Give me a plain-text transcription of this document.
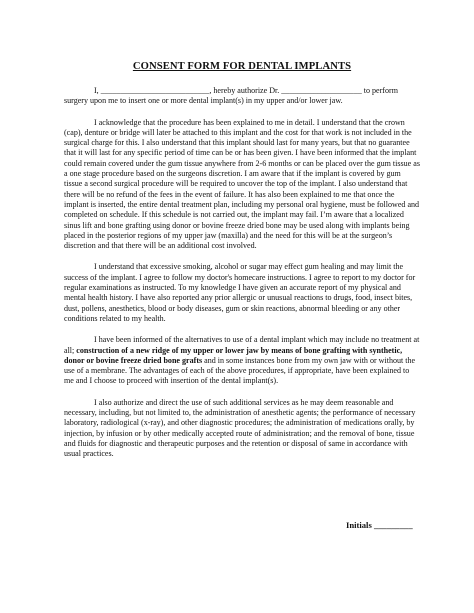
CONSENT FORM FOR DENTAL IMPLANTS

I, ___________________________, hereby authorize Dr. ____________________ to perform surgery upon me to insert one or more dental implant(s) in my upper and/or lower jaw.

I acknowledge that the procedure has been explained to me in detail. I understand that the crown (cap), denture or bridge will later be attached to this implant and the cost for that work is not included in the surgical charge for this. I also understand that this implant should last for many years, but that no guarantee that it will last for any specific period of time can be or has been given. I have been informed that the implant could remain covered under the gum tissue anywhere from 2-6 months or can be placed over the gum tissue as a one stage procedure based on the surgeons discretion. I am aware that if the implant is covered by gum tissue a second surgical procedure will be required to uncover the top of the implant. I also understand that there will be no refund of the fees in the event of failure. It has also been explained to me that once the implant is inserted, the entire dental treatment plan, including my personal oral hygiene, must be followed and completed on schedule. If this schedule is not carried out, the implant may fail. I’m aware that a localized sinus lift and bone grafting using donor or bovine freeze dried bone may be used along with implants being placed in the posterior regions of my upper jaw (maxilla) and the need for this will be at the surgeon’s discretion and that there will be an additional cost involved.

I understand that excessive smoking, alcohol or sugar may effect gum healing and may limit the success of the implant. I agree to follow my doctor's homecare instructions. I agree to report to my doctor for regular examinations as instructed. To my knowledge I have given an accurate report of my physical and mental health history. I have also reported any prior allergic or unusual reactions to drugs, food, insect bites, dust, pollens, anesthetics, blood or body diseases, gum or skin reactions, abnormal bleeding or any other conditions related to my health.

I have been informed of the alternatives to use of a dental implant which may include no treatment at all; construction of a new ridge of my upper or lower jaw by means of bone grafting with synthetic, donor or bovine freeze dried bone grafts and in some instances bone from my own jaw with or without the use of a membrane. The advantages of each of the above procedures, if appropriate, have been explained to me and I choose to proceed with insertion of the dental implant(s).

I also authorize and direct the use of such additional services as he may deem reasonable and necessary, including, but not limited to, the administration of anesthetic agents; the performance of necessary laboratory, radiological (x-ray), and other diagnostic procedures; the administration of medications orally, by injection, by infusion or by other medically accepted route of administration; and the removal of bone, tissue and fluids for diagnostic and therapeutic purposes and the retention or disposal of same in accordance with usual practices.

Initials _________
